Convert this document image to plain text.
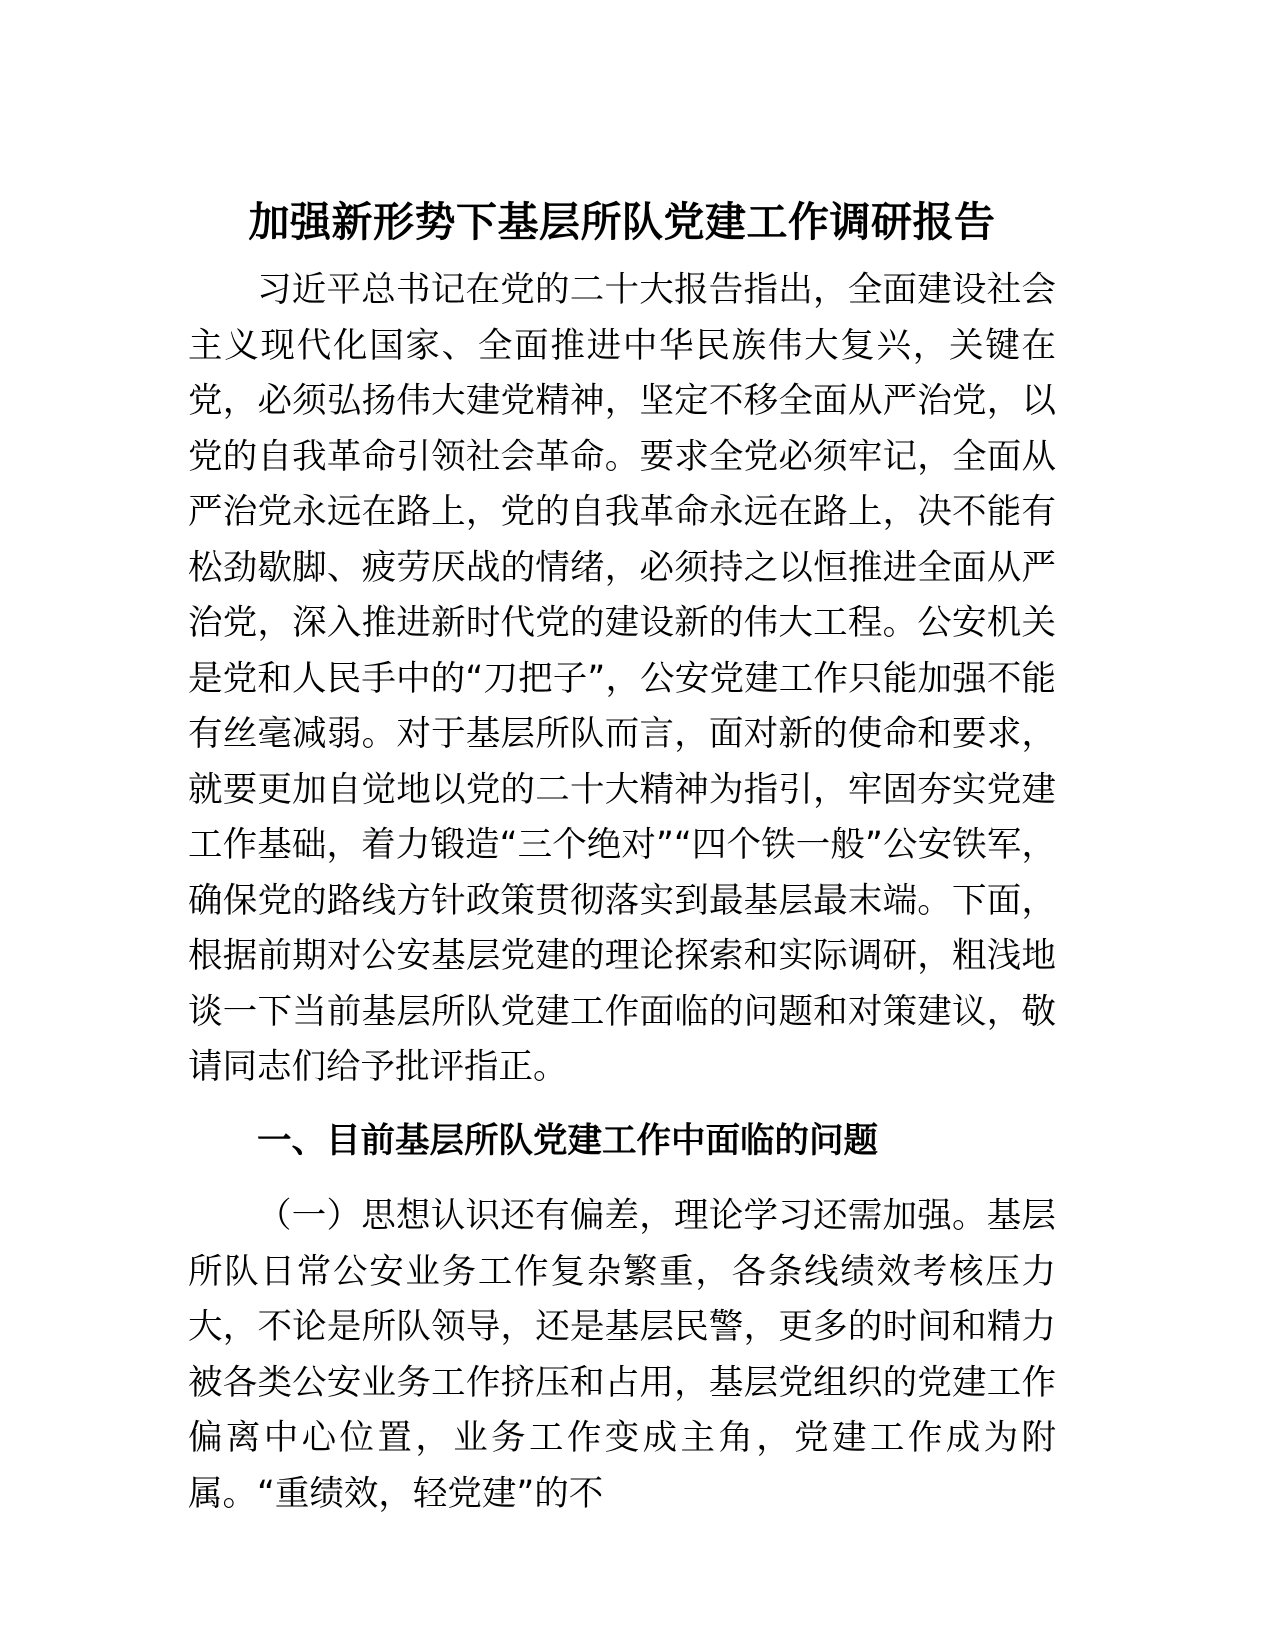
加强新形势下基层所队党建工作调研报告

习近平总书记在党的二十大报告指出，全面建设社会主义现代化国家、全面推进中华民族伟大复兴，关键在党，必须弘扬伟大建党精神，坚定不移全面从严治党，以党的自我革命引领社会革命。要求全党必须牢记，全面从严治党永远在路上，党的自我革命永远在路上，决不能有松劲歇脚、疲劳厌战的情绪，必须持之以恒推进全面从严治党，深入推进新时代党的建设新的伟大工程。公安机关是党和人民手中的“刀把子”，公安党建工作只能加强不能有丝毫减弱。对于基层所队而言，面对新的使命和要求，就要更加自觉地以党的二十大精神为指引，牢固夯实党建工作基础，着力锻造“三个绝对”“四个铁一般”公安铁军，确保党的路线方针政策贯彻落实到最基层最末端。下面，根据前期对公安基层党建的理论探索和实际调研，粗浅地谈一下当前基层所队党建工作面临的问题和对策建议，敬请同志们给予批评指正。

一、目前基层所队党建工作中面临的问题

（一）思想认识还有偏差，理论学习还需加强。基层所队日常公安业务工作复杂繁重，各条线绩效考核压力大，不论是所队领导，还是基层民警，更多的时间和精力被各类公安业务工作挤压和占用，基层党组织的党建工作偏离中心位置，业务工作变成主角，党建工作成为附属。“重绩效，轻党建”的不
